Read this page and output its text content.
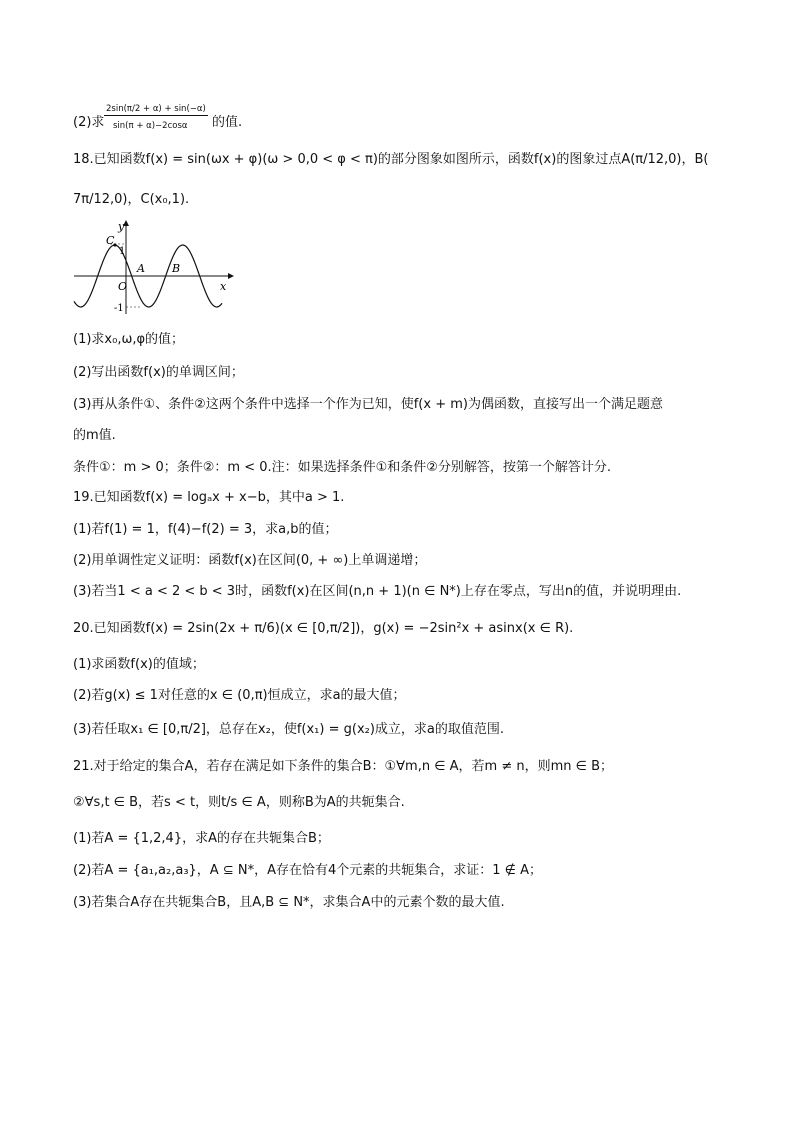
(2)求
2sin(π/2 + α) + sin(−α)
sin(π + α)−2cosα 的值.
18.已知函数f(x) = sin(ωx + φ)(ω > 0,0 < φ < π)的部分图象如图所示，函数f(x)的图象过点A(π/12,0)，B(
7π/12,0)，C(x₀,1).
y
x
O
A B
C
1
-1
(1)求x₀,ω,φ的值；
(2)写出函数f(x)的单调区间；
(3)再从条件①、条件②这两个条件中选择一个作为已知，使f(x + m)为偶函数，直接写出一个满足题意
的m值.
条件①：m > 0；条件②：m < 0.注：如果选择条件①和条件②分别解答，按第一个解答计分.
19.已知函数f(x) = logₐx + x−b，其中a > 1.
(1)若f(1) = 1，f(4)−f(2) = 3，求a,b的值；
(2)用单调性定义证明：函数f(x)在区间(0, + ∞)上单调递增；
(3)若当1 < a < 2 < b < 3时，函数f(x)在区间(n,n + 1)(n ∈ N*)上存在零点，写出n的值，并说明理由.
20.已知函数f(x) = 2sin(2x + π/6)(x ∈ [0,π/2])，g(x) = −2sin²x + asinx(x ∈ R).
(1)求函数f(x)的值域；
(2)若g(x) ≤ 1对任意的x ∈ (0,π)恒成立，求a的最大值；
(3)若任取x₁ ∈ [0,π/2]，总存在x₂，使f(x₁) = g(x₂)成立，求a的取值范围.
21.对于给定的集合A，若存在满足如下条件的集合B：①∀m,n ∈ A，若m ≠ n，则mn ∈ B；
②∀s,t ∈ B，若s < t，则t/s ∈ A，则称B为A的共轭集合.
(1)若A = {1,2,4}，求A的存在共轭集合B；
(2)若A = {a₁,a₂,a₃}，A ⊆ N*，A存在恰有4个元素的共轭集合，求证：1 ∉ A；
(3)若集合A存在共轭集合B，且A,B ⊆ N*，求集合A中的元素个数的最大值.
